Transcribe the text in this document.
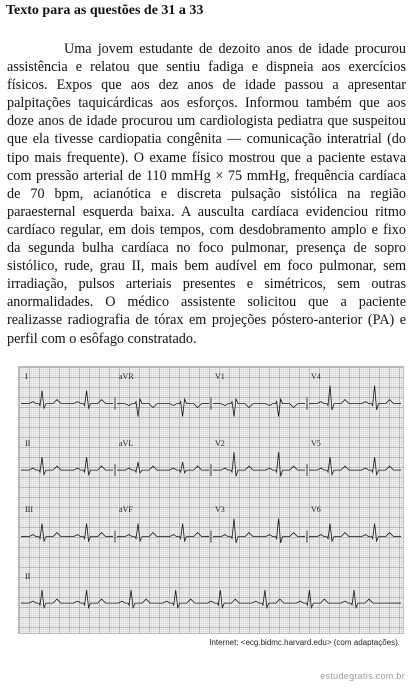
Texto para as questões de 31 a 33

Uma jovem estudante de dezoito anos de idade procurou assistência e relatou que sentiu fadiga e dispneia aos exercícios físicos. Expos que aos dez anos de idade passou a apresentar palpitações taquicárdicas aos esforços. Informou também que aos doze anos de idade procurou um cardiologista pediatra que suspeitou que ela tivesse cardiopatia congênita — comunicação interatrial (do tipo mais frequente). O exame físico mostrou que a paciente estava com pressão arterial de 110 mmHg × 75 mmHg, frequência cardíaca de 70 bpm, acianótica e discreta pulsação sistólica na região paraesternal esquerda baixa. A ausculta cardíaca evidenciou ritmo cardíaco regular, em dois tempos, com desdobramento amplo e fixo da segunda bulha cardíaca no foco pulmonar, presença de sopro sistólico, rude, grau II, mais bem audível em foco pulmonar, sem irradiação, pulsos arteriais presentes e simétricos, sem outras anormalidades. O médico assistente solicitou que a paciente realizasse radiografia de tórax em projeções póstero-anterior (PA) e perfil com o esôfago constratado.

I	aVR	V1	V4
II	aVL	V2	V5
III	aVF	V3	V6
II

Internet: <ecg.bidmc.harvard.edu> (com adaptações).

estudegratis.com.br
